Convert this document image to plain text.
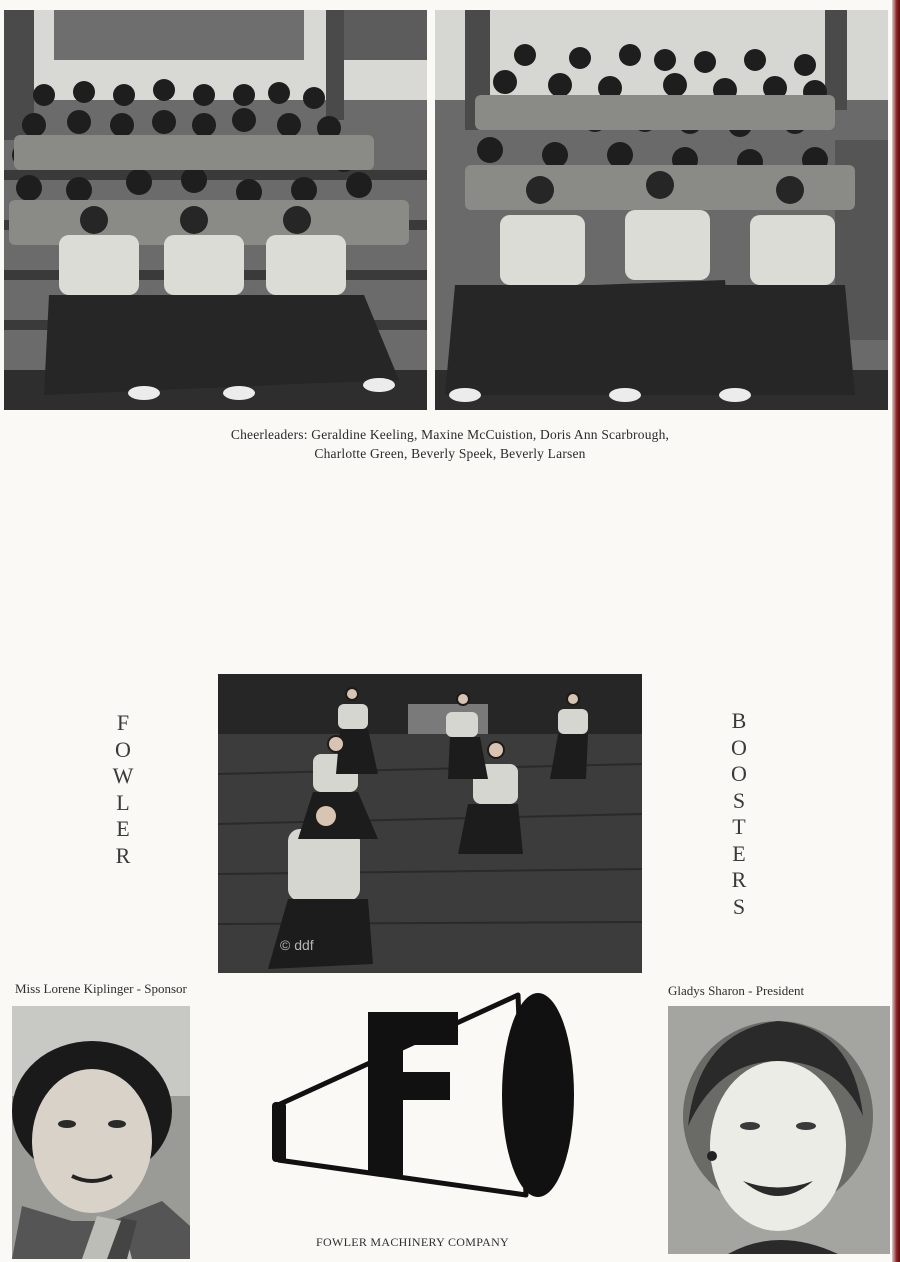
Cheerleaders: Geraldine Keeling, Maxine McCuistion, Doris Ann Scarbrough,
Charlotte Green, Beverly Speek, Beverly Larsen
F
O
W
L
E
R
© ddf
B
O
O
S
T
E
R
S
Miss Lorene Kiplinger - Sponsor	Gladys Sharon - President
FOWLER MACHINERY COMPANY
